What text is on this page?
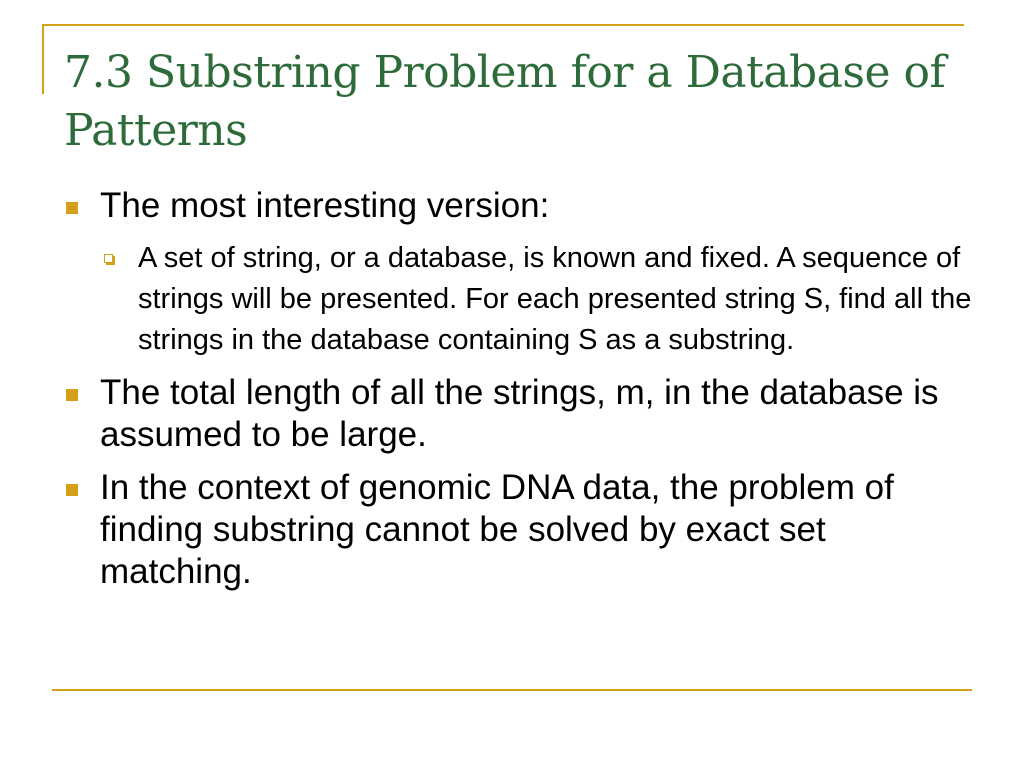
7.3 Substring Problem for a Database of Patterns
The most interesting version:
A set of string, or a database, is known and fixed. A sequence of strings will be presented. For each presented string S, find all the strings in the database containing S as a substring.
The total length of all the strings, m, in the database is assumed to be large.
In the context of genomic DNA data, the problem of finding substring cannot be solved by exact set matching.
